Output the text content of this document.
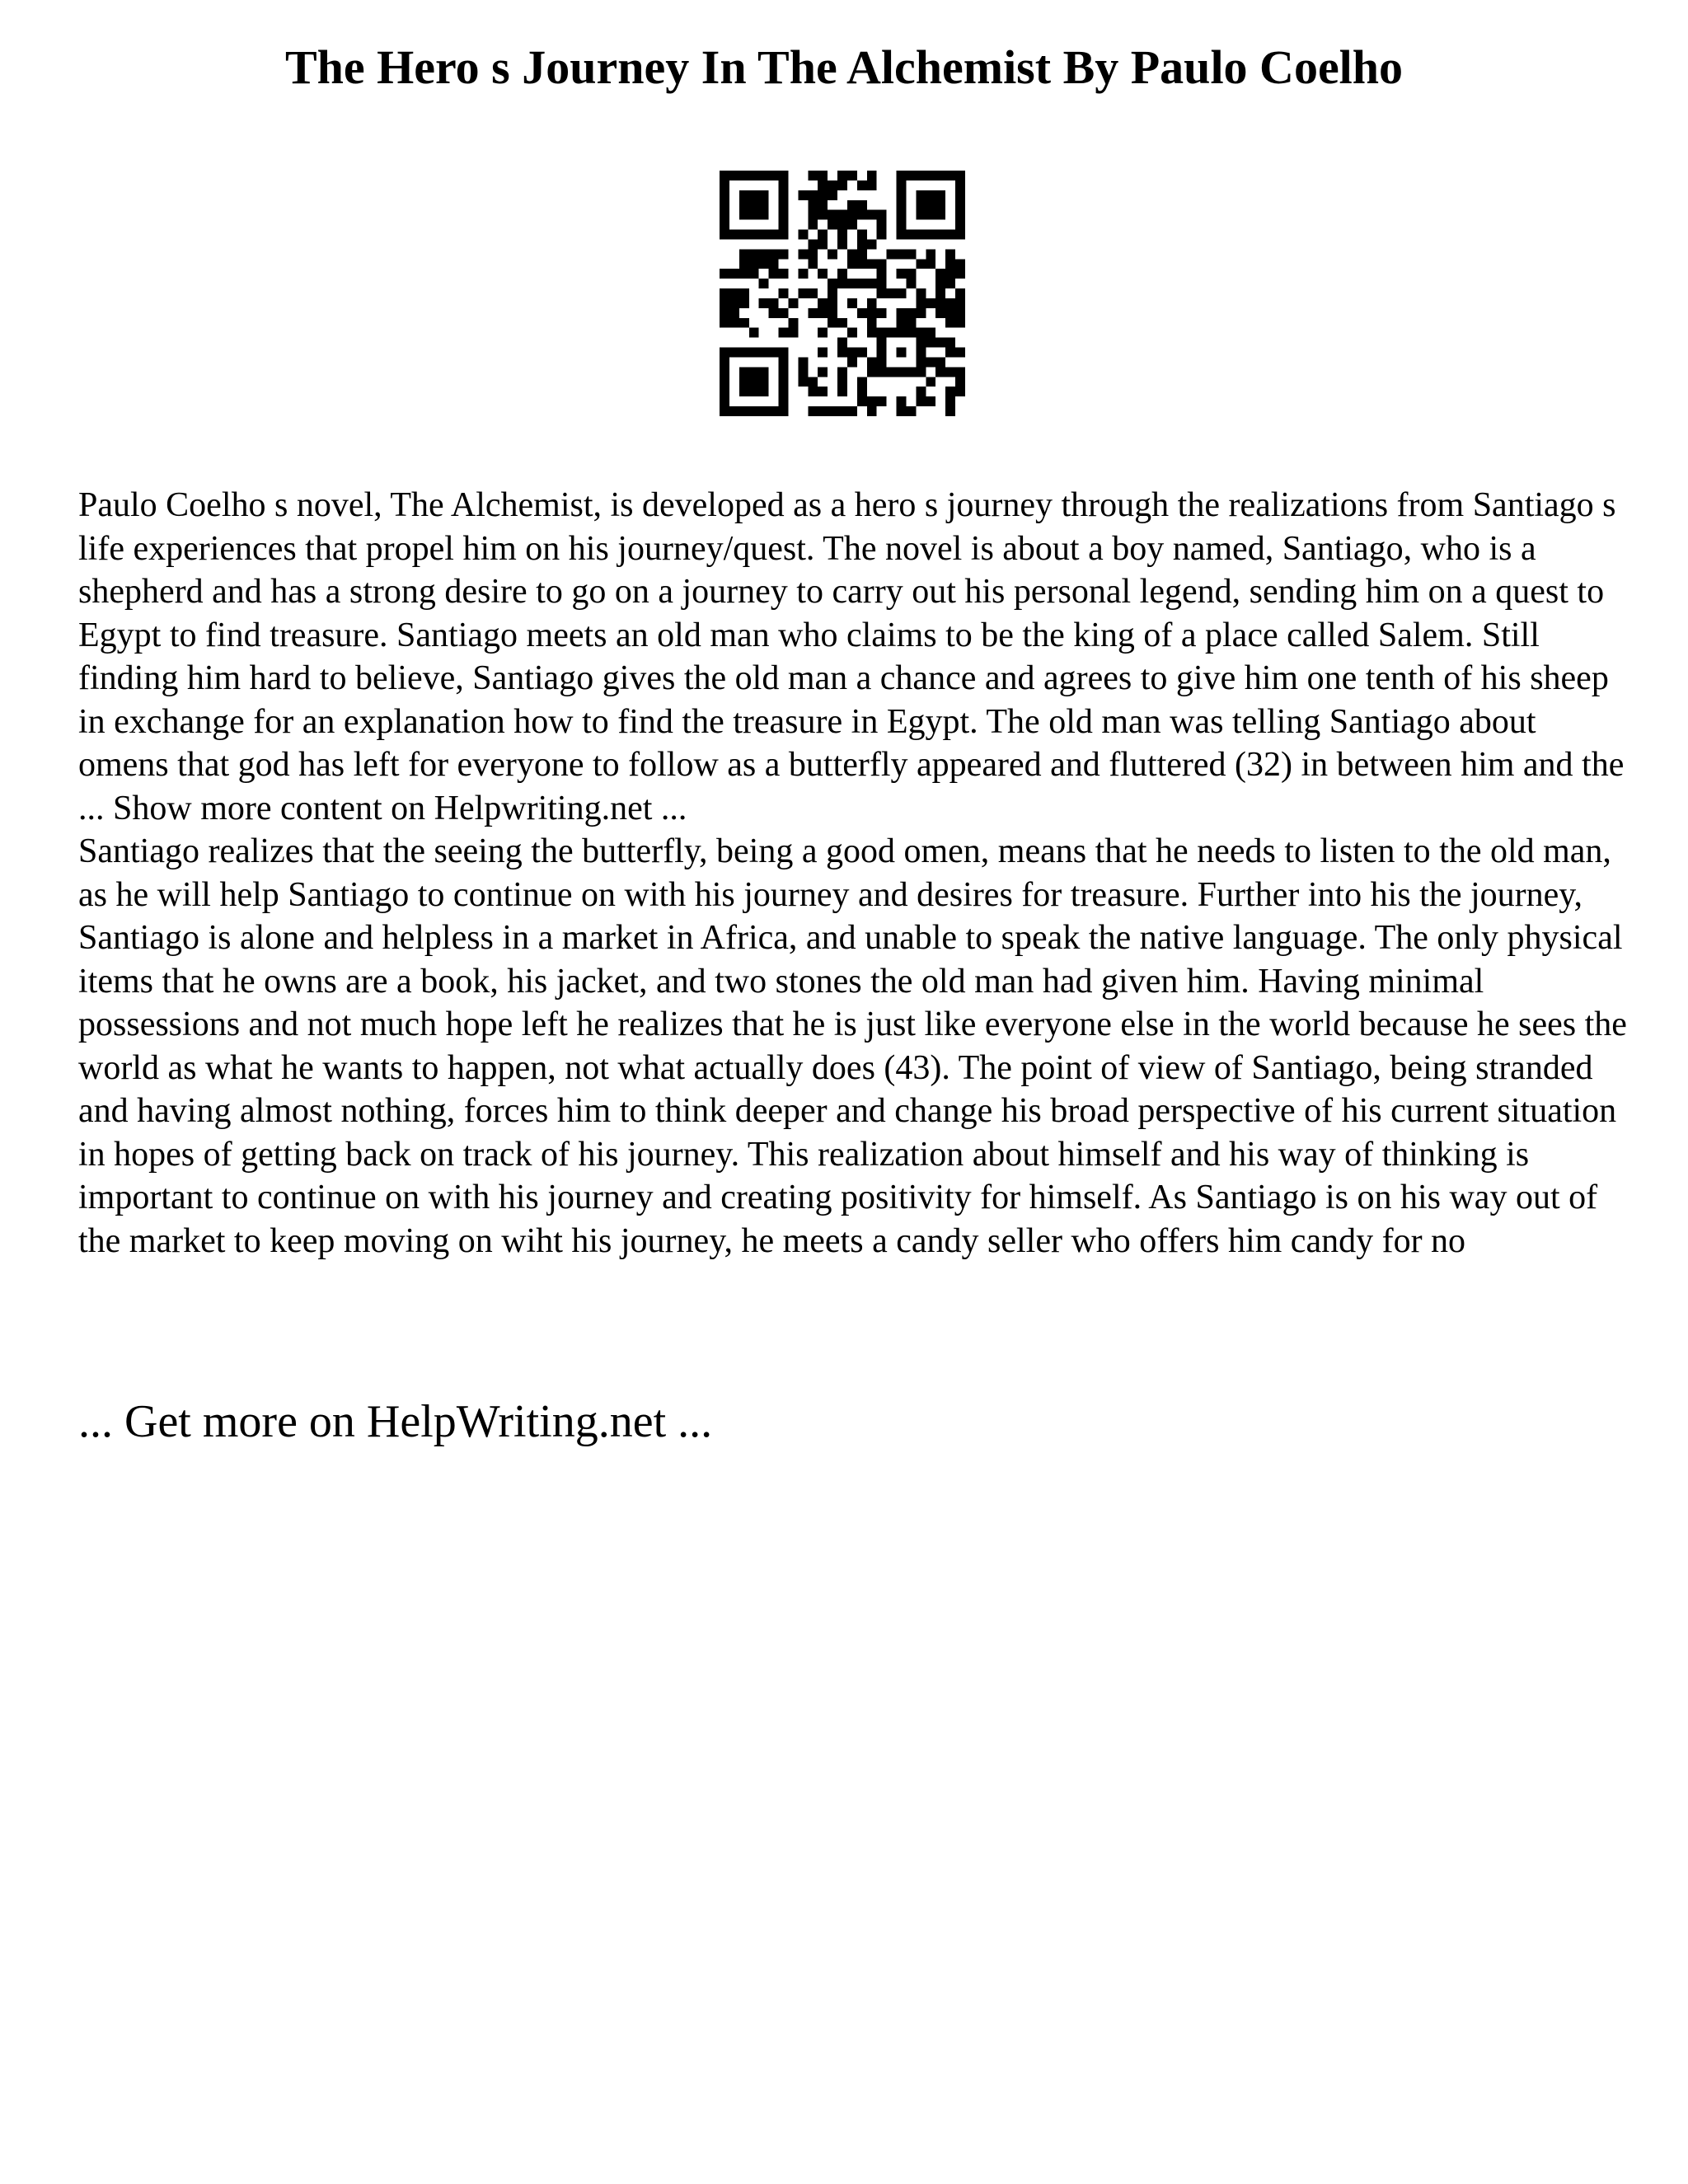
The Hero s Journey In The Alchemist By Paulo Coelho

Paulo Coelho s novel, The Alchemist, is developed as a hero s journey through the realizations from Santiago s life experiences that propel him on his journey/quest. The novel is about a boy named, Santiago, who is a shepherd and has a strong desire to go on a journey to carry out his personal legend, sending him on a quest to Egypt to find treasure. Santiago meets an old man who claims to be the king of a place called Salem. Still finding him hard to believe, Santiago gives the old man a chance and agrees to give him one tenth of his sheep in exchange for an explanation how to find the treasure in Egypt. The old man was telling Santiago about omens that god has left for everyone to follow as a butterfly appeared and fluttered (32) in between him and the ... Show more content on Helpwriting.net ...

Santiago realizes that the seeing the butterfly, being a good omen, means that he needs to listen to the old man, as he will help Santiago to continue on with his journey and desires for treasure. Further into his the journey, Santiago is alone and helpless in a market in Africa, and unable to speak the native language. The only physical items that he owns are a book, his jacket, and two stones the old man had given him. Having minimal possessions and not much hope left he realizes that he is just like everyone else in the world because he sees the world as what he wants to happen, not what actually does (43). The point of view of Santiago, being stranded and having almost nothing, forces him to think deeper and change his broad perspective of his current situation in hopes of getting back on track of his journey. This realization about himself and his way of thinking is important to continue on with his journey and creating positivity for himself. As Santiago is on his way out of the market to keep moving on wiht his journey, he meets a candy seller who offers him candy for no

... Get more on HelpWriting.net ...
